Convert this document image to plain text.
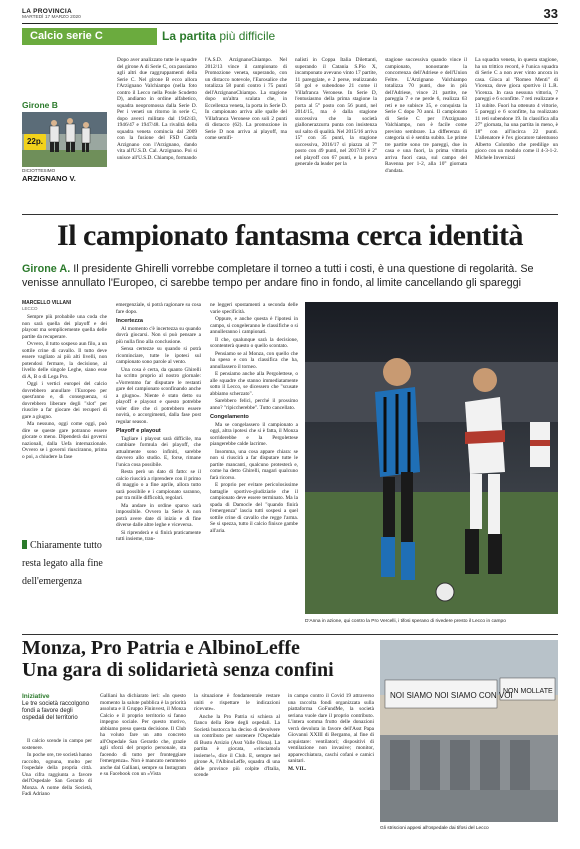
LA PROVINCIA
MARTEDÌ 17 MARZO 2020	33
Calcio serie C	La partita più difficile
Girone B
22p.
DICIOTTESIMO
ARZIGNANO V.

Dopo aver analizzato tutte le squadre del girone A di Serie C, ora passiamo agli altri due raggruppamenti della Serie C. Nel girone B ecco allora l'Arzignano Valchiampo (nella foto contro il Lecco nella Poule Scudetto D), andiamo in ordine alfabetico, squadra neopromossa dalla Serie D. Per i veneti un ritorno in serie C, dopo averci militato dal 1942/43, 1946/47 e 1947/48. La rivalità della squadra veneta comincia dal 2009 con la fusione del FSD Garda Arzignano con l'Arzignano, dando vita all'U.S.D. Cal. Arzignano. Poi si unisce all'U.S.D. Chiampo, formando

l'A.S.D. ArzignanoChiampo. Nel 2012/13 vince il campionato di Promozione veneta, superando, con un distacco notevole, l'Eurosalice che totalizza 58 punti contro i 75 punti dell'ArzignanoChiampo. La stagione dopo un'altra scalata che, in Eccellenza veneta, la porta in Serie D. In campionato arriva alle spalle del Villafranca Veronese con soli 2 punti di distacco (62). La promozione in Serie D non arriva ai playoff, ma come semifi-

nalisti in Coppa Italia Dilettanti, superando il Catania S.Pio X, incamponato avevano vinto 17 partite, 11 pareggiate, e 2 perse, realizzando 50 gol e subendone 21 come il Villafranca Veronese. In Serie D, l'entusiasmo della prima stagione la porta al 5° posto con 56 punti, nel 2014/15, ma è dalla stagione successiva che la società giallonerazzurra punta con insistenza sul salto di qualità. Nel 2015/16 arriva 15° con 35 punti, la stagione successiva, 2016/17 si piazza al 7° posto con 49 punti, nel 2017/18 è 2° nel playoff con 67 punti, e la prova generale da leader per la

stagione successiva quando vince il campionato, nonostante la concorrenza dell'Adriese e dell'Union Feltre. L'Arzignano Valchiampo totalizza 70 punti, due in più dell'Adriese, vince 21 partite, ne pareggia 7 e ne perde 6, realizza 63 reti e ne subisce 35, e conquista la Serie C dopo 70 anni. Il campionato di Serie C per l'Arzignano Valchiampo, non è facile come previsto sembrare. La differenza di categoria si è sentita subito. Le prime tre partite sono tre pareggi, due in casa e una fuori, la prima vittoria arriva fuori casa, sul campo del Ravenna per 1-2, alla 10° giornata d'andata.

La squadra veneta, in questa stagione, ha un trittico record, è l'unica squadra di Serie C a non aver vinto ancora in casa. Gioca al "Romeo Menti" di Vicenza, dove gioca sportivo il L.R. Vicenza. In casa nessuna vittoria, 7 pareggi e 6 sconfitte. 7 reti realizzate e 13 subite. Fuori ha ottenuto 4 vittorie, 5 pareggi e 6 sconfitte, ha realizzato 11 reti subendone 19. In classifica alla 27° giornata, ha una partita in meno, è 18° con all'incirca 22 punti. L'allenatore è l'ex giocatore talentuoso Alberto Colombo che predilige un gioco con un modulo come il 4-3-1-2. Michele Invernizzi

Il campionato fantasma cerca identità
Girone A. Il presidente Ghirelli vorrebbe completare il torneo a tutti i costi, è una questione di regolarità. Se venisse annullato l'Europeo, ci sarebbe tempo per andare fino in fondo, al limite cancellando gli spareggi
MARCELLO VILLANI
LECCO

Sempre più probabile una coda che non sarà quella dei playoff e dei playout ma semplicemente quella delle partite da recuperare.

Ovvero, il tutto sospeso aun filo, a un sottile crine di cavallo. Il tutto deve essere vagliato ai più alti livelli, non potendosi fermare, la decisione, al livello delle singole Leghe, siano esse di A, B o di Lega Pro.

Oggi i vertici europei del calcio dovrebbero annullare l'Europeo per quest'anno e, di conseguenza, si dovrebbero liberare degli "slot" per riuscire a far giocare dei recuperi di gare a giugno.

Ma nessuno, oggi come oggi, può dire se queste gare potranno essere giocate o meno. Dipenderà dai governi nazionali, dalla Uefa internazionale. Ovvero se i governi riusciranno, prima o poi, a chiudere la fase

Chiaramente tutto resta legato alla fine dell'emergenza

emergenziale, si potrà ragionare su cosa fare dopo.

Incertezza

Al momento c'è incertezza su quando dovrà giocarsi. Non si può pensare a più nulla fino alla conclusione.

Sensa certezze su quando si potrà ricominciare, tutte le ipotesi sul campionato sono parole al vento.

Una cosa è certa, da quanto Ghirelli ha scritto proprio al nostro giornale: «Vorremmo far disputare le restanti gare del campionato sconfinando anche a giugno». Niente è stato detto su playoff e playout e questo potrebbe voler dire che ci potrebbero essere novità, o accorgimenti, dalla fase post regular season.

Playoff e playout

Tagliare i playout sarà difficile, ma cambiare formula dei playoff, che attualmente sono infiniti, sarebbe davvero allo studio. E, forse, rimane l'unica cosa possibile.

Resta però un dato di fatto: se il calcio riuscirà a riprendere con il primo di maggio o a fine aprile, allora tutto sarà possibile e i campionato saranno, pur tra mille difficoltà, regolari.

Ma andare in ordine sparso sarà impossibile. Ovvero la Serie A non potrà avere date di inizio e di fine diverse dalle altre leghe e viceversa.

Si riprenderà e si finirà praticamente tutti insieme, tran-

ne leggeri spostamenti a seconda delle varie specificità.

Oppure, e anche questa è l'ipotesi in campo, si congeleranno le classifiche o si annulleranno i campionati.

Il che, qualunque sarà la decisione, scontenterà questo o quello scontato.

Pensiamo se al Monza, con quello che ha speso e con la classifica che ha, annullassero il torneo.

E pensiamo anche alla Pergolettese, o alle squadre che stanno immediatamente sotto il Lecco, se dicessero che "scusate abbiamo scherzato".

Sarebbero felici, perché il prossimo anno? "ripiccherebbe". Tutto cancellato.

Congelamento

Ma se congelassero il campionato a oggi, altra ipotesi che si è fatta, il Monza sorriderebbe e la Pergolettese piangerebbe calde lacrime.

Insomma, una cosa appare chiara: se non si riuscirà a far disputare tutte le partite mancanti, qualcuno protesterà e, come ha detto Ghirelli, magari qualcuno farà ricorso.

E proprio per evitare pericolosissime battaglie sportivo-giudiziarie che il campionato deve essere terminato. Ma la spada di Damocle del "quando finirà l'emergenza" lascia tutti sospesi a quel sottile crine di cavallo che regge l'arma. Se si spezza, tutto il calcio finisce gambe all'aria.

D'Anna in azione, qui contro la Pro Vercelli, i tifosi sperano di rivedere presto il Lecco in campo
Monza, Pro Patria e AlbinoLeffe
Una gara di solidarietà senza confini
Iniziative
Le tre società raccolgono fondi a favore degli ospedali del territorio

Il calcio scende in campo per sostenere.

In poche ore, tre società hanno raccolto, ognuna, molto per l'ospedale della propria città. Una cifra raggiunta a favore dell'Ospedale San Gerardo di Monza. A nome della Società, Fadi Adriano

Galliani ha dichiarato ieri: «In questo momento la salute pubblica è la priorità assoluta e il Gruppo Fininvest, il Monza Calcio e il proprio territorio si fanno impegno sociale. Per questo motivo, abbiamo preso questa decisione. Il Club ha voluto fare un atto concreto all'Ospedale San Gerardo che, grazie agli sforzi del proprio personale, sta facendo di tutto per fronteggiare l'emergenza». Non è mancato nemmeno anche dal Galliani, sempre su Instagram e su Facebook con un «Vista

la situazione è fondamentale restare uniti e rispettare le indicazioni ricevute».

Anche la Pro Patria si schiera al fianco della Rete degli ospedali. La Società bustocca ha deciso di devolvere un contributo per sostenere l'Ospedale di Busto Arsizio (Asst Valle Olona). La partita è giocata, «vinciamola insieme!», dice il Club. E, sempre nel girone A, l'AlbinoLeffe, squadra di una delle province più colpite d'Italia, scende

in campo contro il Covid 19 attraverso una raccolta fondi organizzata sulla piattaforma GoFundMe, la società seriana vuole dare il proprio contributo. L'intera somma frutto delle donazioni verrà devoluta in favore dell'Asst Papa Giovanni XXIII di Bergamo, al fine di acquistare: ventilatori; dispositivi di ventilazione non invasive; monitor, apparecchiatura, caschi cofani e camici sanitari.

M. VIL.

NOI SIAMO NOI SIAMO CON VOI
NON MOLLATE
Gli striscioni appesi all'ospedale dai tifosi del Lecco
